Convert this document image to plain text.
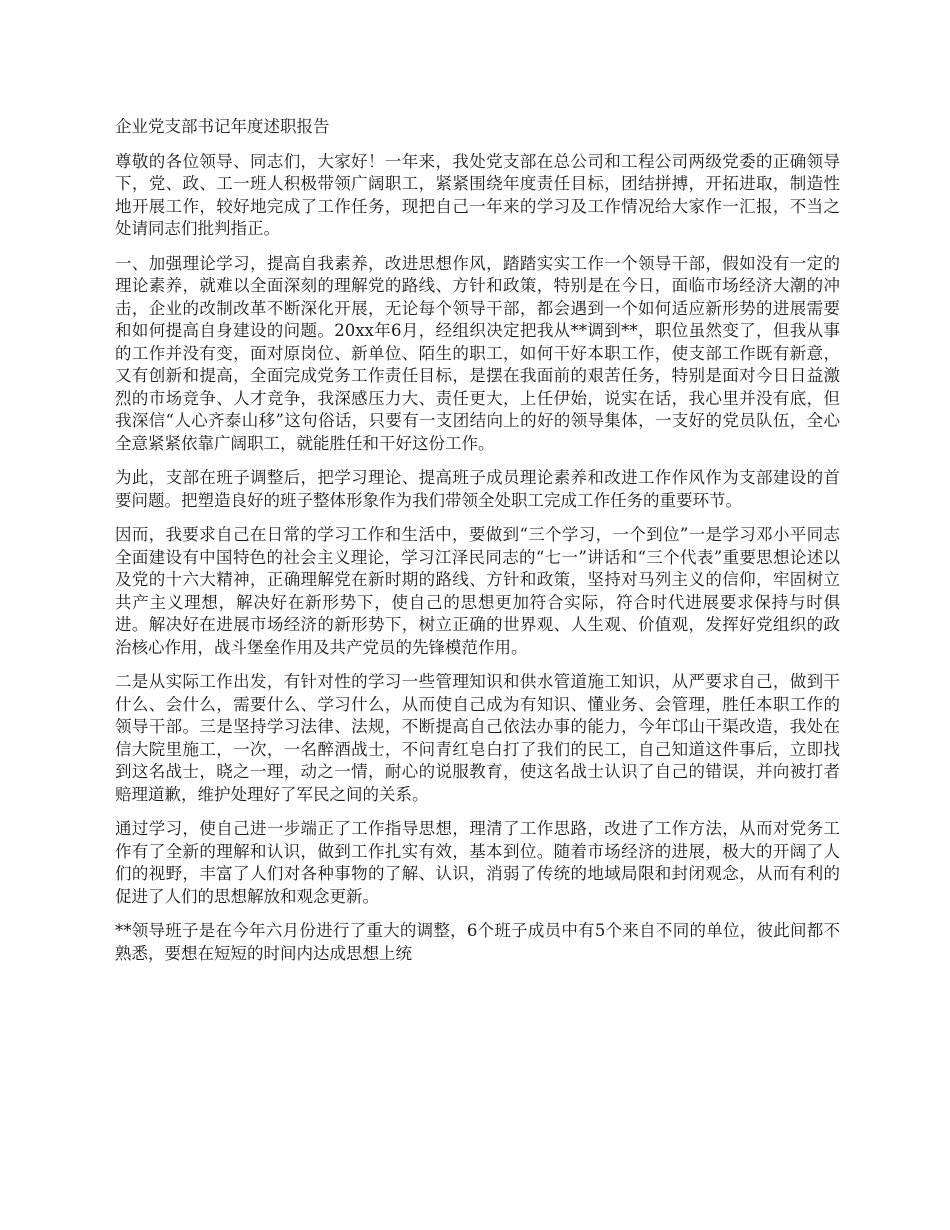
企业党支部书记年度述职报告

尊敬的各位领导、同志们，大家好！一年来，我处党支部在总公司和工程公司两级党委的正确领导下，党、政、工一班人积极带领广阔职工，紧紧围绕年度责任目标，团结拼搏，开拓进取，制造性地开展工作，较好地完成了工作任务，现把自己一年来的学习及工作情况给大家作一汇报，不当之处请同志们批判指正。

一、加强理论学习，提高自我素养，改进思想作风，踏踏实实工作一个领导干部，假如没有一定的理论素养，就难以全面深刻的理解党的路线、方针和政策，特别是在今日，面临市场经济大潮的冲击，企业的改制改革不断深化开展，无论每个领导干部，都会遇到一个如何适应新形势的进展需要和如何提高自身建设的问题。20xx年6月，经组织决定把我从**调到**，职位虽然变了，但我从事的工作并没有变，面对原岗位、新单位、陌生的职工，如何干好本职工作，使支部工作既有新意，又有创新和提高，全面完成党务工作责任目标，是摆在我面前的艰苦任务，特别是面对今日日益激烈的市场竞争、人才竞争，我深感压力大、责任更大，上任伊始，说实在话，我心里并没有底，但我深信“人心齐泰山移”这句俗话，只要有一支团结向上的好的领导集体，一支好的党员队伍，全心全意紧紧依靠广阔职工，就能胜任和干好这份工作。

为此，支部在班子调整后，把学习理论、提高班子成员理论素养和改进工作作风作为支部建设的首要问题。把塑造良好的班子整体形象作为我们带领全处职工完成工作任务的重要环节。

因而，我要求自己在日常的学习工作和生活中，要做到“三个学习，一个到位”一是学习邓小平同志全面建设有中国特色的社会主义理论，学习江泽民同志的“七一”讲话和“三个代表”重要思想论述以及党的十六大精神，正确理解党在新时期的路线、方针和政策，坚持对马列主义的信仰，牢固树立共产主义理想，解决好在新形势下，使自己的思想更加符合实际，符合时代进展要求保持与时俱进。解决好在进展市场经济的新形势下，树立正确的世界观、人生观、价值观，发挥好党组织的政治核心作用，战斗堡垒作用及共产党员的先锋模范作用。

二是从实际工作出发，有针对性的学习一些管理知识和供水管道施工知识，从严要求自己，做到干什么、会什么，需要什么、学习什么，从而使自己成为有知识、懂业务、会管理，胜任本职工作的领导干部。三是坚持学习法律、法规，不断提高自己依法办事的能力，今年邙山干渠改造，我处在信大院里施工，一次，一名醉酒战士，不问青红皂白打了我们的民工，自己知道这件事后，立即找到这名战士，晓之一理，动之一情，耐心的说服教育，使这名战士认识了自己的错误，并向被打者赔理道歉，维护处理好了军民之间的关系。

通过学习，使自己进一步端正了工作指导思想，理清了工作思路，改进了工作方法，从而对党务工作有了全新的理解和认识，做到工作扎实有效，基本到位。随着市场经济的进展，极大的开阔了人们的视野，丰富了人们对各种事物的了解、认识，消弱了传统的地域局限和封闭观念，从而有利的促进了人们的思想解放和观念更新。

**领导班子是在今年六月份进行了重大的调整，6个班子成员中有5个来自不同的单位，彼此间都不熟悉，要想在短短的时间内达成思想上统
